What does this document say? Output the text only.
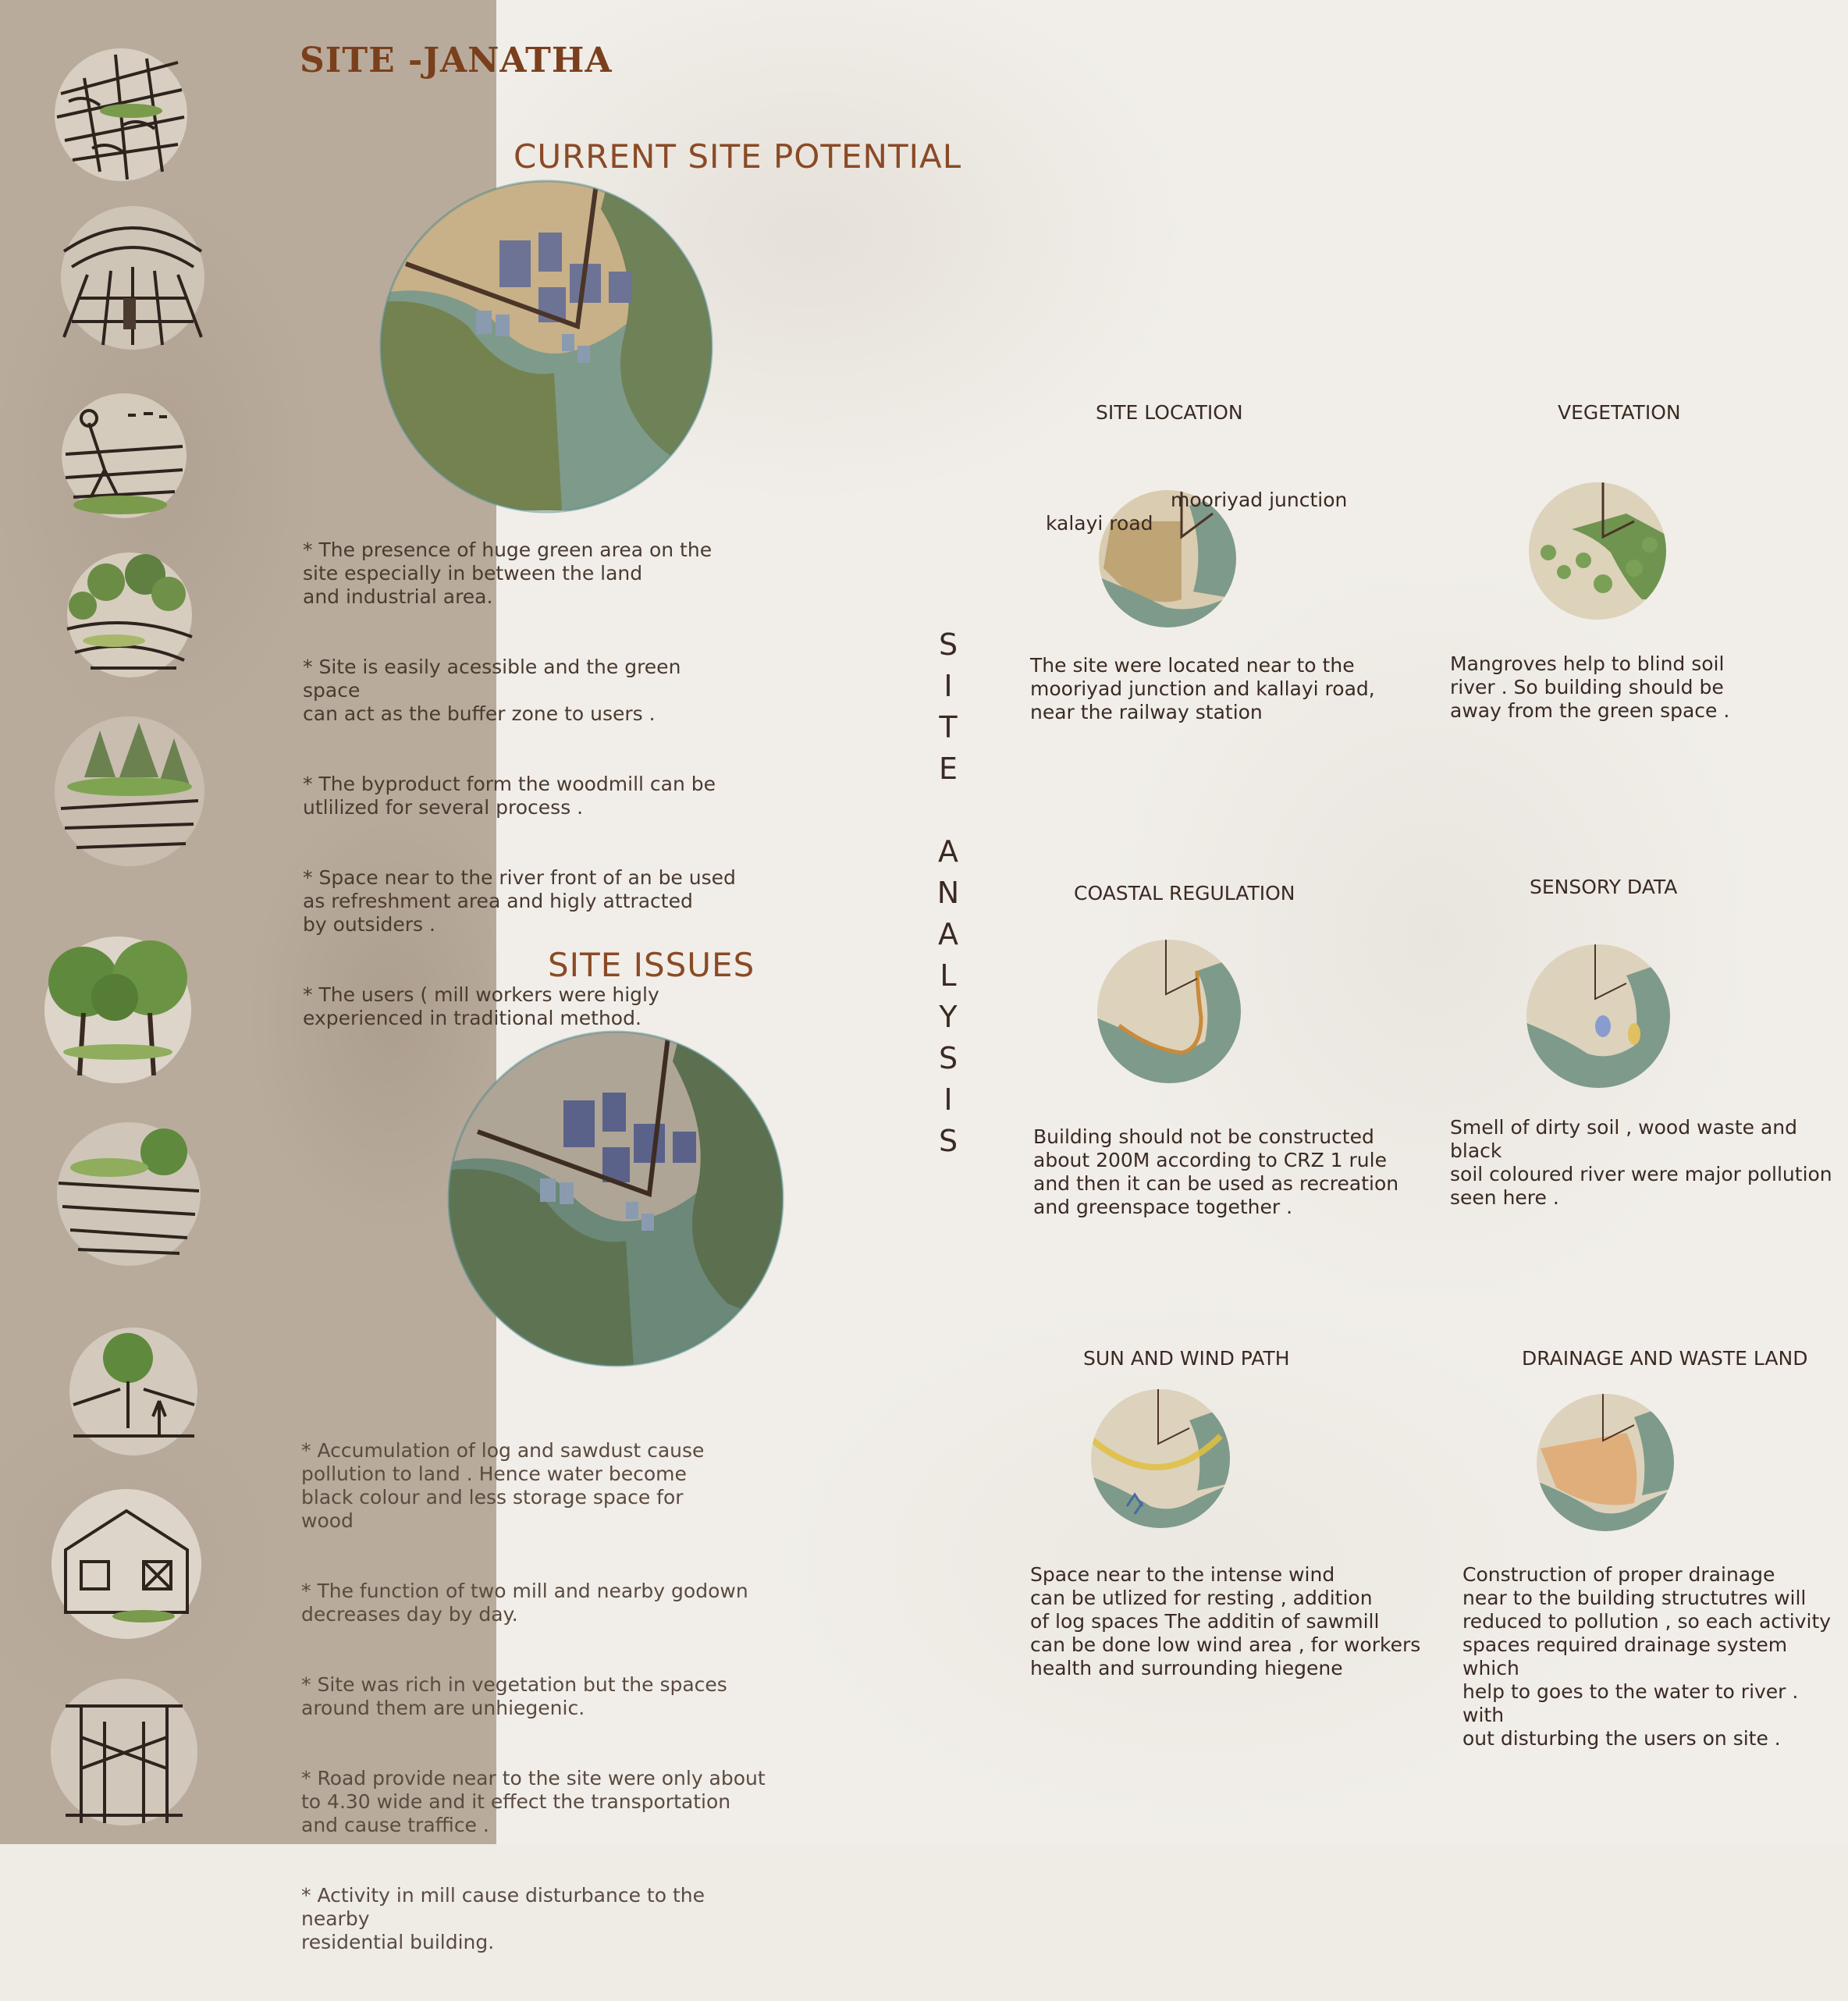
SITE -JANATHA
CURRENT SITE POTENTIAL

* The presence of huge green area on the
site especially in between the land
and industrial area.

* Site is easily acessible and the green space
can act as the buffer zone to users .

* The byproduct form the woodmill can be
utlilized for several process .

* Space near to the river front of an be used
as refreshment area and higly attracted
by outsiders .

* The users ( mill workers were higly
experienced in traditional method.

SITE ISSUES

* Accumulation of log and sawdust cause
pollution to land . Hence water become
black colour and less storage space for
wood

* The function of two mill and nearby godown
decreases day by day.

* Site was rich in vegetation but the spaces
around them are unhiegenic.

* Road provide near to the site were only about
to 4.30 wide and it effect the transportation
and cause traffice .

* Activity in mill cause disturbance to the nearby
residential building.

S
I
T
E
A
N
A
L
Y
S
I
S
SITE LOCATION
mooriyad junction
kalayi road
The site were located near to the
mooriyad junction and kallayi road,
near the railway station
VEGETATION
Mangroves help to blind soil
river . So building should be
away from the green space .
COASTAL REGULATION
Building should not be constructed
about 200M according to CRZ 1 rule
and then it can be used as recreation
and greenspace together .
SENSORY DATA
Smell of dirty soil , wood waste and black
soil coloured river were major pollution
seen here .
SUN AND WIND PATH
Space near to the intense wind
can be utlized for resting , addition
of log spaces The additin of sawmill
can be done low wind area , for workers
health and surrounding hiegene
DRAINAGE AND WASTE LAND
Construction of proper drainage
near to the building structutres will
reduced to pollution , so each activity
spaces required drainage system which
help to goes to the water to river . with
out disturbing the users on site .
